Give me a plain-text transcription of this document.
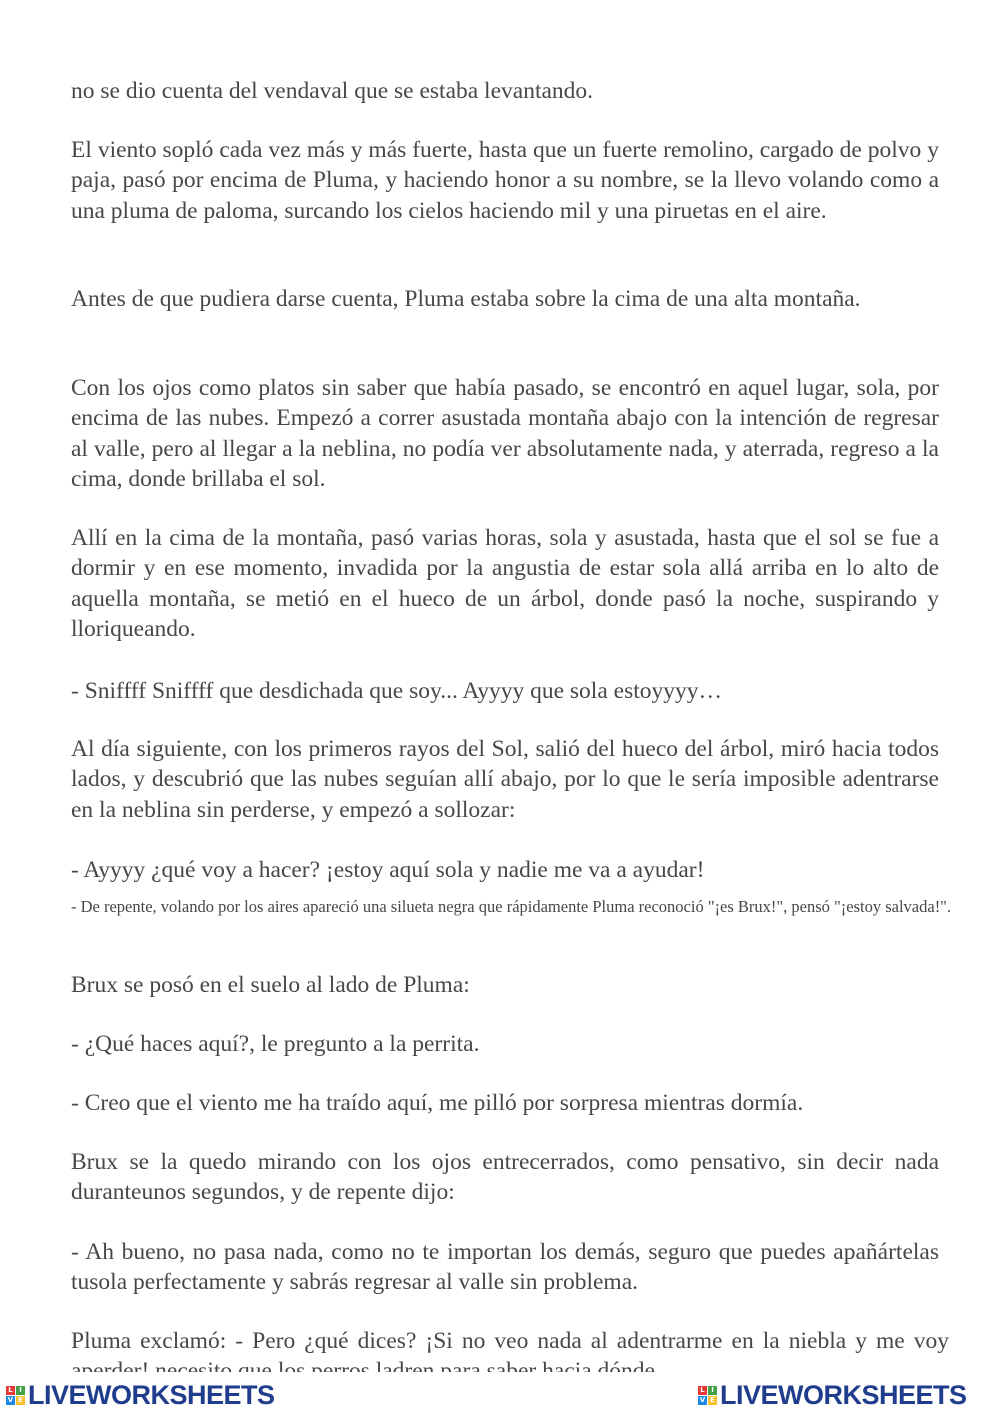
no se dio cuenta del vendaval que se estaba levantando.

El viento sopló cada vez más y más fuerte, hasta que un fuerte remolino, cargado de polvo y paja, pasó por encima de Pluma, y haciendo honor a su nombre, se la llevo volando como a una pluma de paloma, surcando los cielos haciendo mil y una piruetas en el aire.

Antes de que pudiera darse cuenta, Pluma estaba sobre la cima de una alta montaña.

Con los ojos como platos sin saber que había pasado, se encontró en aquel lugar, sola, por encima de las nubes. Empezó a correr asustada montaña abajo con la intención de regresar al valle, pero al llegar a la neblina, no podía ver absolutamente nada, y aterrada, regreso a la cima, donde brillaba el sol.

Allí en la cima de la montaña, pasó varias horas, sola y asustada, hasta que el sol se fue a dormir y en ese momento, invadida por la angustia de estar sola allá arriba en lo alto de aquella montaña, se metió en el hueco de un árbol, donde pasó la noche, suspirando y lloriqueando.

- Sniffff Sniffff que desdichada que soy... Ayyyy que sola estoyyyy…

Al día siguiente, con los primeros rayos del Sol, salió del hueco del árbol, miró hacia todos lados, y descubrió que las nubes seguían allí abajo, por lo que le sería imposible adentrarse en la neblina sin perderse, y empezó a sollozar:

- Ayyyy ¿qué voy a hacer? ¡estoy aquí sola y nadie me va a ayudar!

- De repente, volando por los aires apareció una silueta negra que rápidamente Pluma reconoció "¡es Brux!", pensó "¡estoy salvada!".

Brux se posó en el suelo al lado de Pluma:

- ¿Qué haces aquí?, le pregunto a la perrita.

- Creo que el viento me ha traído aquí, me pilló por sorpresa mientras dormía.

Brux se la quedo mirando con los ojos entrecerrados, como pensativo, sin decir nada duranteunos segundos, y de repente dijo:

- Ah bueno, no pasa nada, como no te importan los demás, seguro que puedes apañártelas tusola perfectamente y sabrás regresar al valle sin problema.

Pluma exclamó: - Pero ¿qué dices? ¡Si no veo nada al adentrarme en la niebla y me voy

L I
V E LIVEWORKSHEETS	L I
V E LIVEWORKSHEETS
